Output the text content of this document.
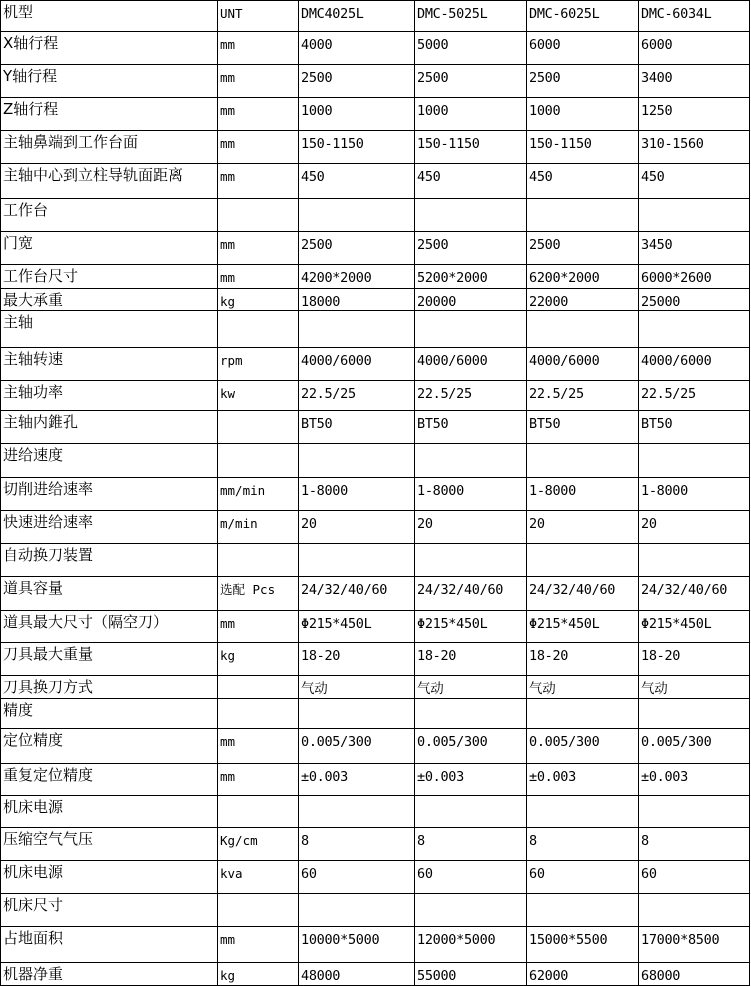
机型	UNT	DMC4025L	DMC-5025L	DMC-6025L	DMC-6034L
X轴行程	mm	4000	5000	6000	6000
Y轴行程	mm	2500	2500	2500	3400
Z轴行程	mm	1000	1000	1000	1250
主轴鼻端到工作台面	mm	150-1150	150-1150	150-1150	310-1560
主轴中心到立柱导轨面距离	mm	450	450	450	450
工作台					
门宽	mm	2500	2500	2500	3450
工作台尺寸	mm	4200*2000	5200*2000	6200*2000	6000*2600
最大承重	kg	18000	20000	22000	25000
主轴					
主轴转速	rpm	4000/6000	4000/6000	4000/6000	4000/6000
主轴功率	kw	22.5/25	22.5/25	22.5/25	22.5/25
主轴内錐孔		BT50	BT50	BT50	BT50
进给速度					
切削进给速率	mm/min	1-8000	1-8000	1-8000	1-8000
快速进给速率	m/min	20	20	20	20
自动换刀装置					
道具容量	选配 Pcs	24/32/40/60	24/32/40/60	24/32/40/60	24/32/40/60
道具最大尺寸（隔空刀）	mm	Φ215*450L	Φ215*450L	Φ215*450L	Φ215*450L
刀具最大重量	kg	18-20	18-20	18-20	18-20
刀具换刀方式		气动	气动	气动	气动
精度					
定位精度	mm	0.005/300	0.005/300	0.005/300	0.005/300
重复定位精度	mm	±0.003	±0.003	±0.003	±0.003
机床电源					
压缩空气气压	Kg/cm	8	8	8	8
机床电源	kva	60	60	60	60
机床尺寸					
占地面积	mm	10000*5000	12000*5000	15000*5500	17000*8500
机器净重	kg	48000	55000	62000	68000
